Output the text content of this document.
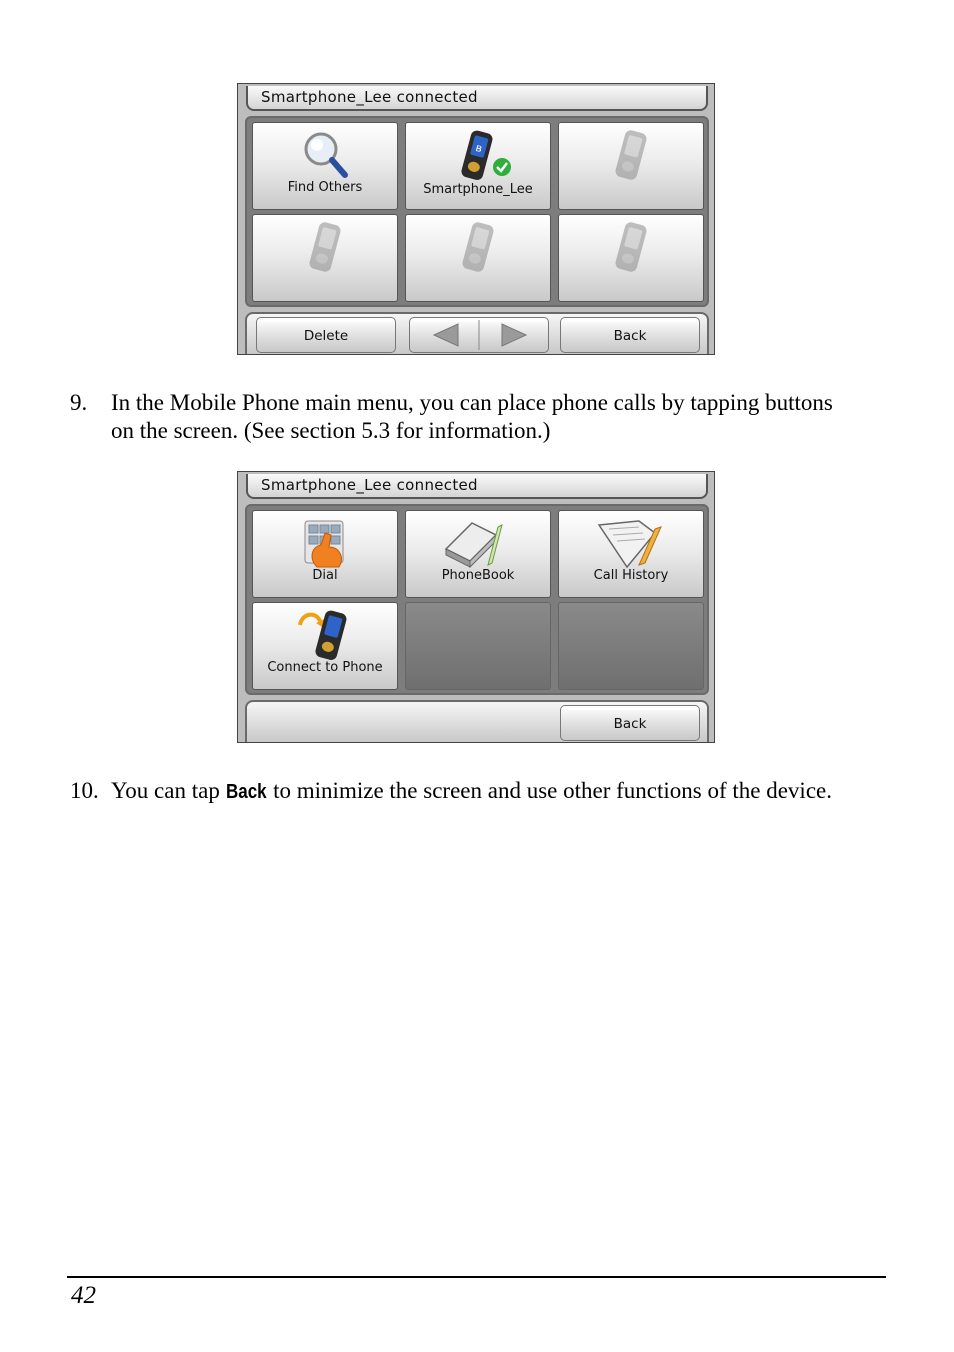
Smartphone_Lee connected
Find Others
ʙ
Smartphone_Lee
Delete	Back
9. In the Mobile Phone main menu, you can place phone calls by tapping buttons
on the screen. (See section 5.3 for information.)
Smartphone_Lee connected
Dial	PhoneBook	Call History
Connect to Phone
Back
10. You can tap Back to minimize the screen and use other functions of the device.
42
